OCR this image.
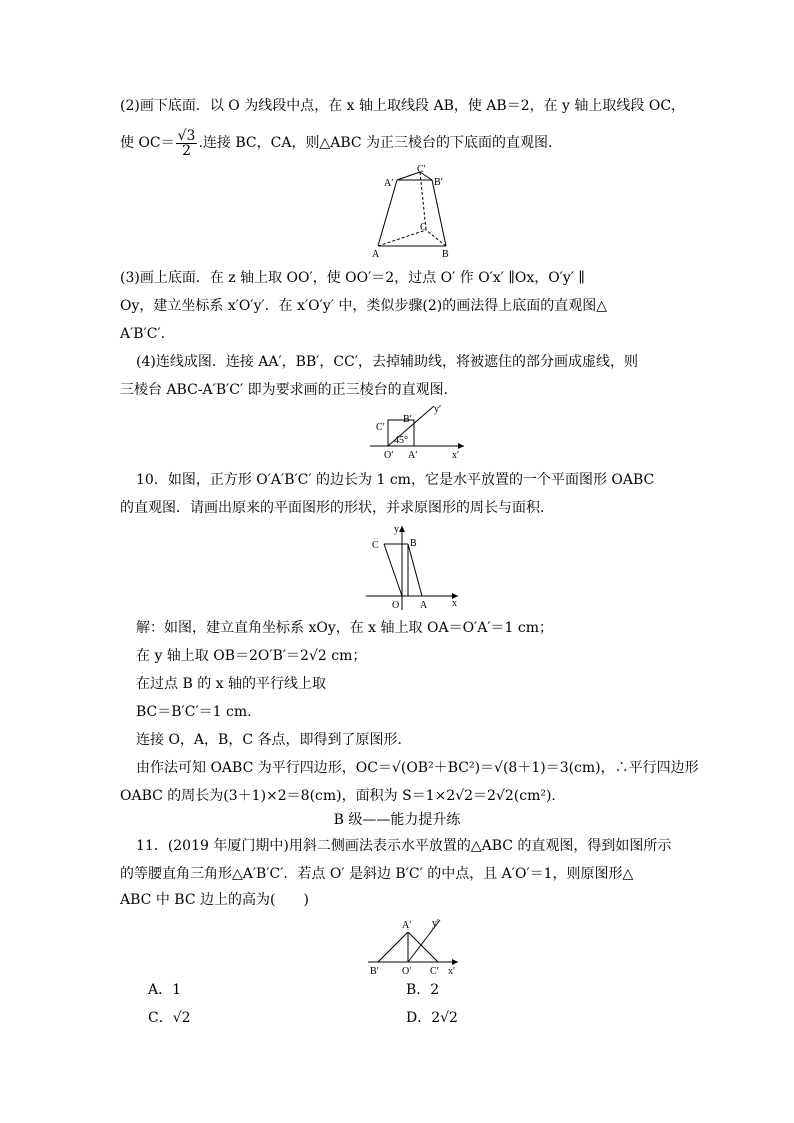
(2)画下底面．以 O 为线段中点，在 x 轴上取线段 AB，使 AB＝2，在 y 轴上取线段 OC，
使 $OC= \frac{√3}{2}$ .连接 BC，CA，则△ABC 为正三棱台的下底面的直观图．
A′
C′
B′
C
A	B
(3)画上底面．在 z 轴上取 OO′，使 OO′＝2，过点 O′ 作 O′x′ ∥Ox，O′y′ ∥
Oy，建立坐标系 x′O′y′．在 x′O′y′ 中，类似步骤(2)的画法得上底面的直观图△
A′B′C′.
(4)连线成图．连接 AA′，BB′，CC′，去掉辅助线，将被遮住的部分画成虚线，则
三棱台 ABC-A′B′C′ 即为要求画的正三棱台的直观图．
y′
B′
C′
45°
O′ A′	x′
10．如图，正方形 O′A′B′C′ 的边长为 1 cm，它是水平放置的一个平面图形 OABC
的直观图．请画出原来的平面图形的形状，并求原图形的周长与面积．
y
C	B
O A x
解：如图，建立直角坐标系 xOy，在 x 轴上取 OA＝O′A′＝1 cm；
在 y 轴上取 OB＝2O′B′＝2√2 cm；
在过点 B 的 x 轴的平行线上取
BC＝B′C′＝1 cm.
连接 O，A，B，C 各点，即得到了原图形．
由作法可知 OABC 为平行四边形，OC＝√(OB²＋BC²)＝√(8＋1)＝3(cm)，∴平行四边形
OABC 的周长为(3＋1)×2＝8(cm)，面积为 S＝1×2√2＝2√2(cm²).
B 级——能力提升练
11．(2019 年厦门期中)用斜二侧画法表示水平放置的△ABC 的直观图，得到如图所示
的等腰直角三角形△A′B′C′．若点 O′ 是斜边 B′C′ 的中点，且 A′O′＝1，则原图形△
ABC 中 BC 边上的高为(　　)
A′ y′
B′ O′ C′ x′
A．1	B．2
C．√2	D．2√2
